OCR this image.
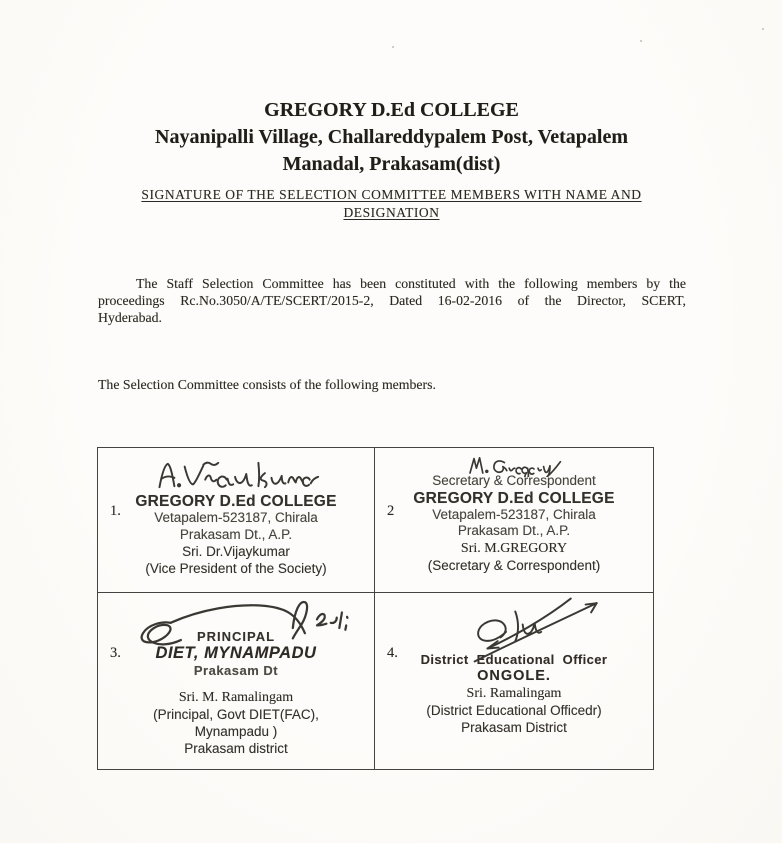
GREGORY D.Ed COLLEGE
Nayanipalli Village, Challareddypalem Post, Vetapalem
Manadal, Prakasam(dist)
SIGNATURE OF THE SELECTION COMMITTEE MEMBERS WITH NAME AND
DESIGNATION
The Staff Selection Committee has been constituted with the following members by the
proceedings Rc.No.3050/A/TE/SCERT/2015-2, Dated 16-02-2016 of the Director, SCERT,
Hyderabad.
The Selection Committee consists of the following members.
1.
GREGORY D.Ed COLLEGE
Vetapalem-523187, Chirala
Prakasam Dt., A.P.
Sri. Dr.Vijaykumar
(Vice President of the Society)
2
Secretary & Correspondent
GREGORY D.Ed COLLEGE
Vetapalem-523187, Chirala
Prakasam Dt., A.P.
Sri. M.GREGORY
(Secretary & Correspondent)
3.
PRINCIPAL
DIET, MYNAMPADU
Prakasam Dt
Sri. M. Ramalingam
(Principal, Govt DIET(FAC),
Mynampadu )
Prakasam district
4.	District Educational Officer
ONGOLE.
Sri. Ramalingam
(District Educational Officedr)
Prakasam District
